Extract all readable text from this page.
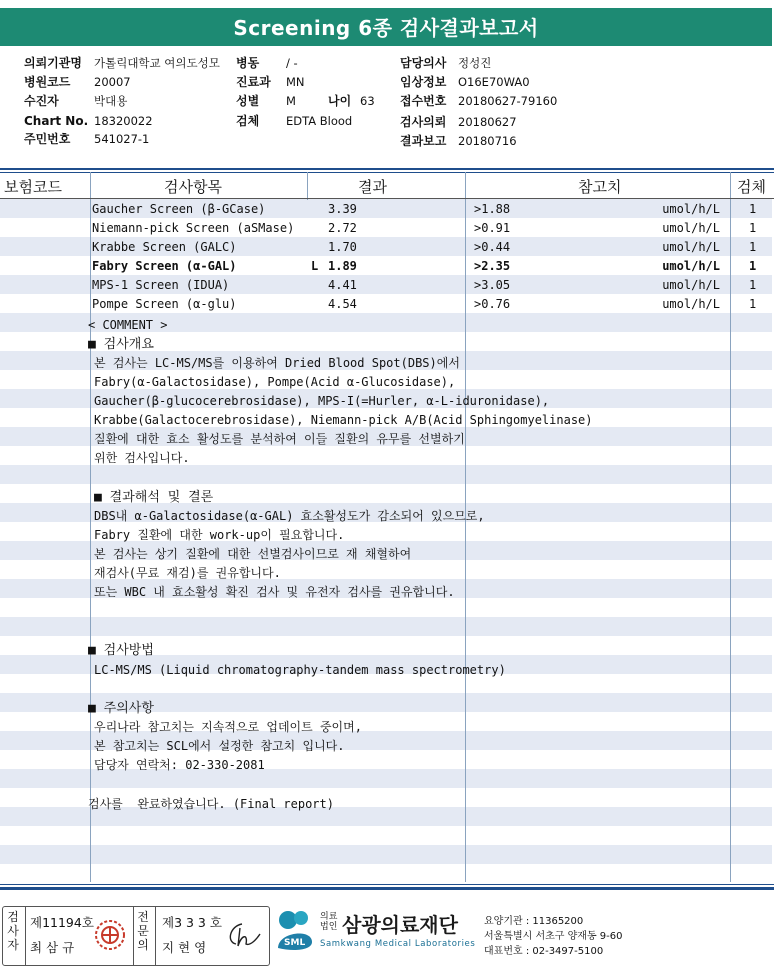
Screening 6종 검사결과보고서
의뢰기관명 가톨릭대학교 여의도성모 병동 / -	담당의사 정성진
병원코드 20007	진료과 MN	임상정보 O16E70WA0
수진자	박대용	성별 M	나이 63 접수번호 20180627-79160
Chart No. 18320022	검체 EDTA Blood	검사의뢰 20180627
주민번호 541027-1	결과보고 20180716
보험코드	검사항목	결과	참고치	검체
Gaucher Screen (β-GCase)	3.39	>1.88	umol/h/L 1
Niemann-pick Screen (aSMase)	2.72	>0.91	umol/h/L 1
Krabbe Screen (GALC)	1.70	>0.44	umol/h/L 1
Fabry Screen (α-GAL)	L 1.89	>2.35	umol/h/L 1
MPS-1 Screen (IDUA)	4.41	>3.05	umol/h/L 1
Pompe Screen (α-glu)	4.54	>0.76	umol/h/L 1
< COMMENT >
■ 검사개요
본 검사는 LC-MS/MS를 이용하여 Dried Blood Spot(DBS)에서
Fabry(α-Galactosidase), Pompe(Acid α-Glucosidase),
Gaucher(β-glucocerebrosidase), MPS-I(=Hurler, α-L-iduronidase),
Krabbe(Galactocerebrosidase), Niemann-pick A/B(Acid Sphingomyelinase)
질환에 대한 효소 활성도를 분석하여 이들 질환의 유무를 선별하기
위한 검사입니다.
■ 결과해석 및 결론
DBS내 α-Galactosidase(α-GAL) 효소활성도가 감소되어 있으므로,
Fabry 질환에 대한 work-up이 필요합니다.
본 검사는 상기 질환에 대한 선별검사이므로 재 채혈하여
재검사(무료 재검)를 권유합니다.
또는 WBC 내 효소활성 확진 검사 및 유전자 검사를 권유합니다.
■ 검사방법
LC-MS/MS (Liquid chromatography-tandem mass spectrometry)
■ 주의사항
우리나라 참고치는 지속적으로 업데이트 중이며,
본 참고치는 SCL에서 설정한 참고치 입니다.
담당자 연락처: 02-330-2081
검사를  완료하였습니다. (Final report)
검사자
제11194호
최 삼 규
전문의
제3 3 3 호
지 현 영	SML
의료 법인 삼광의료재단
Samkwang Medical Laboratories
요양기관 : 11365200
서울특별시 서초구 양재동 9-60
대표번호 : 02-3497-5100
